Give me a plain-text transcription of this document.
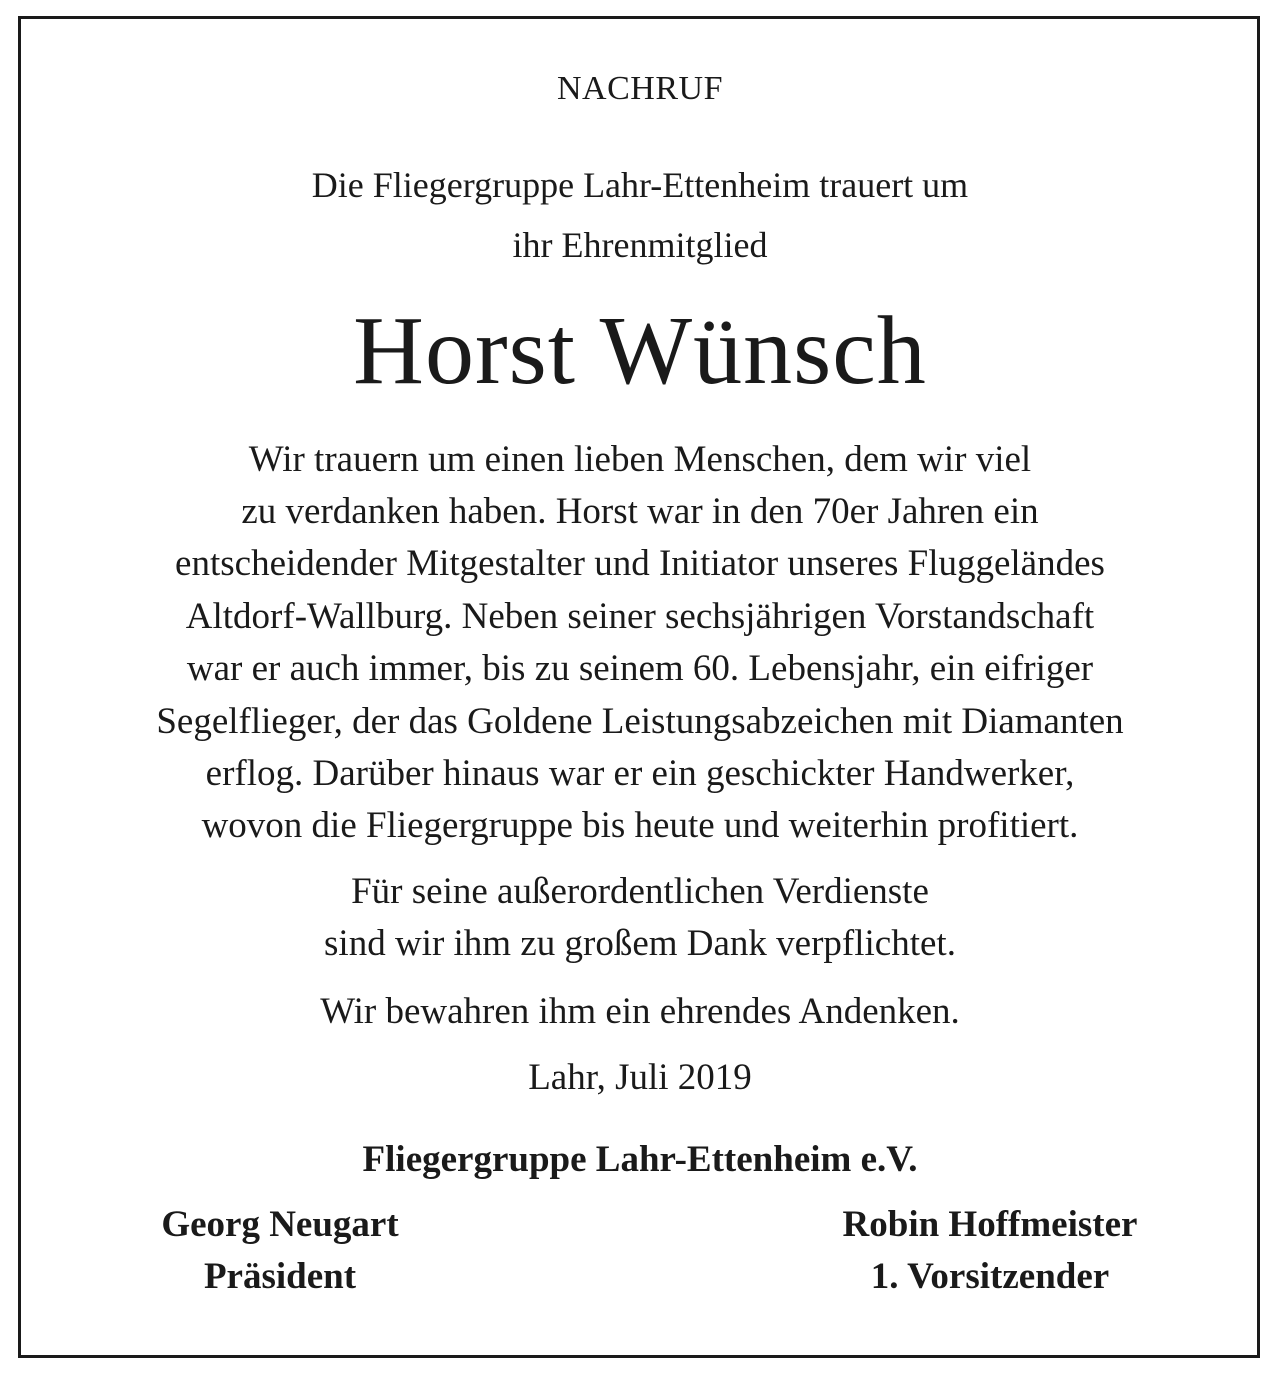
NACHRUF

Die Fliegergruppe Lahr-Ettenheim trauert um

ihr Ehrenmitglied

Horst Wünsch

Wir trauern um einen lieben Menschen, dem wir viel

zu verdanken haben. Horst war in den 70er Jahren ein

entscheidender Mitgestalter und Initiator unseres Fluggeländes

Altdorf-Wallburg. Neben seiner sechsjährigen Vorstandschaft

war er auch immer, bis zu seinem 60. Lebensjahr, ein eifriger

Segelflieger, der das Goldene Leistungsabzeichen mit Diamanten

erflog. Darüber hinaus war er ein geschickter Handwerker,

wovon die Fliegergruppe bis heute und weiterhin profitiert.

Für seine außerordentlichen Verdienste

sind wir ihm zu großem Dank verpflichtet.

Wir bewahren ihm ein ehrendes Andenken.

Lahr, Juli 2019

Fliegergruppe Lahr-Ettenheim e.V.

Georg Neugart

Präsident

Robin Hoffmeister

1. Vorsitzender
